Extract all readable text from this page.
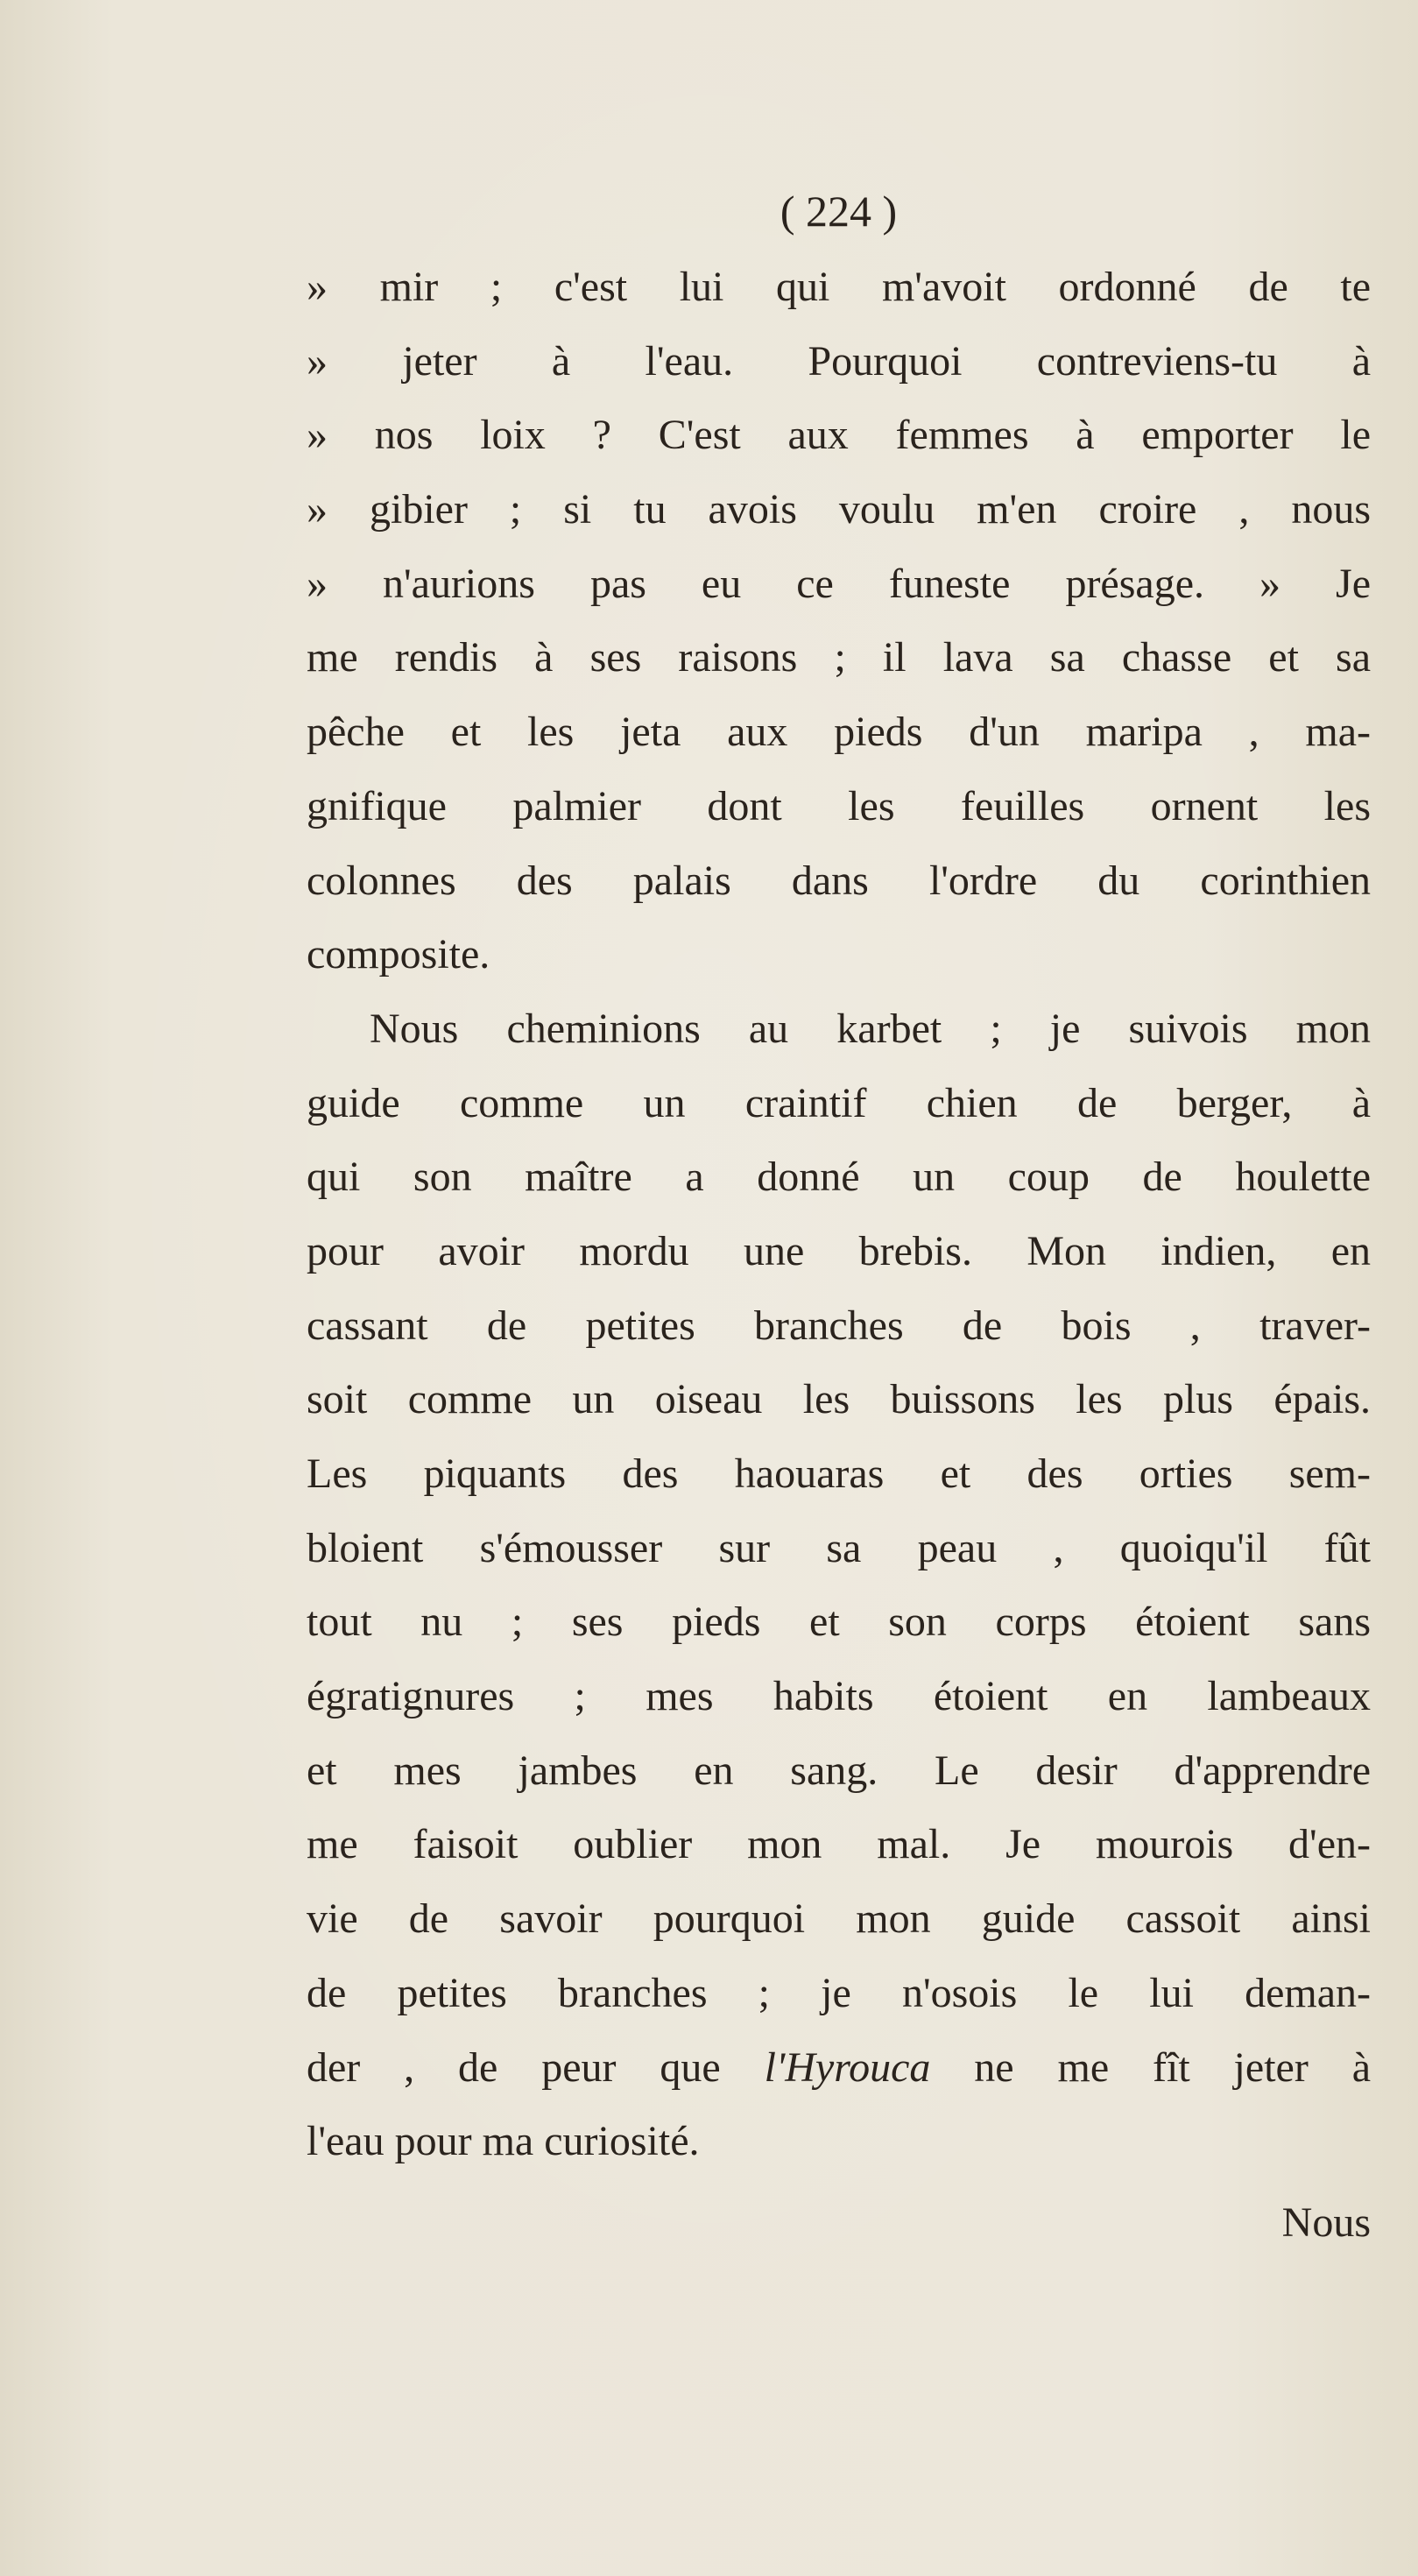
( 224 )
» mir ; c'est lui qui m'avoit ordonné de te
» jeter à l'eau. Pourquoi contreviens-tu à
» nos loix ? C'est aux femmes à emporter le
» gibier ; si tu avois voulu m'en croire , nous
» n'aurions pas eu ce funeste présage. » Je
me rendis à ses raisons ; il lava sa chasse et sa
pêche et les jeta aux pieds d'un maripa , ma-
gnifique palmier dont les feuilles ornent les
colonnes des palais dans l'ordre du corinthien
composite.
Nous cheminions au karbet ; je suivois mon
guide comme un craintif chien de berger, à
qui son maître a donné un coup de houlette
pour avoir mordu une brebis. Mon indien, en
cassant de petites branches de bois , traver-
soit comme un oiseau les buissons les plus épais.
Les piquants des haouaras et des orties sem-
bloient s'émousser sur sa peau , quoiqu'il fût
tout nu ; ses pieds et son corps étoient sans
égratignures ; mes habits étoient en lambeaux
et mes jambes en sang. Le desir d'apprendre
me faisoit oublier mon mal. Je mourois d'en-
vie de savoir pourquoi mon guide cassoit ainsi
de petites branches ; je n'osois le lui deman-
der , de peur que l'Hyrouca ne me fît jeter à
l'eau pour ma curiosité.
Nous
